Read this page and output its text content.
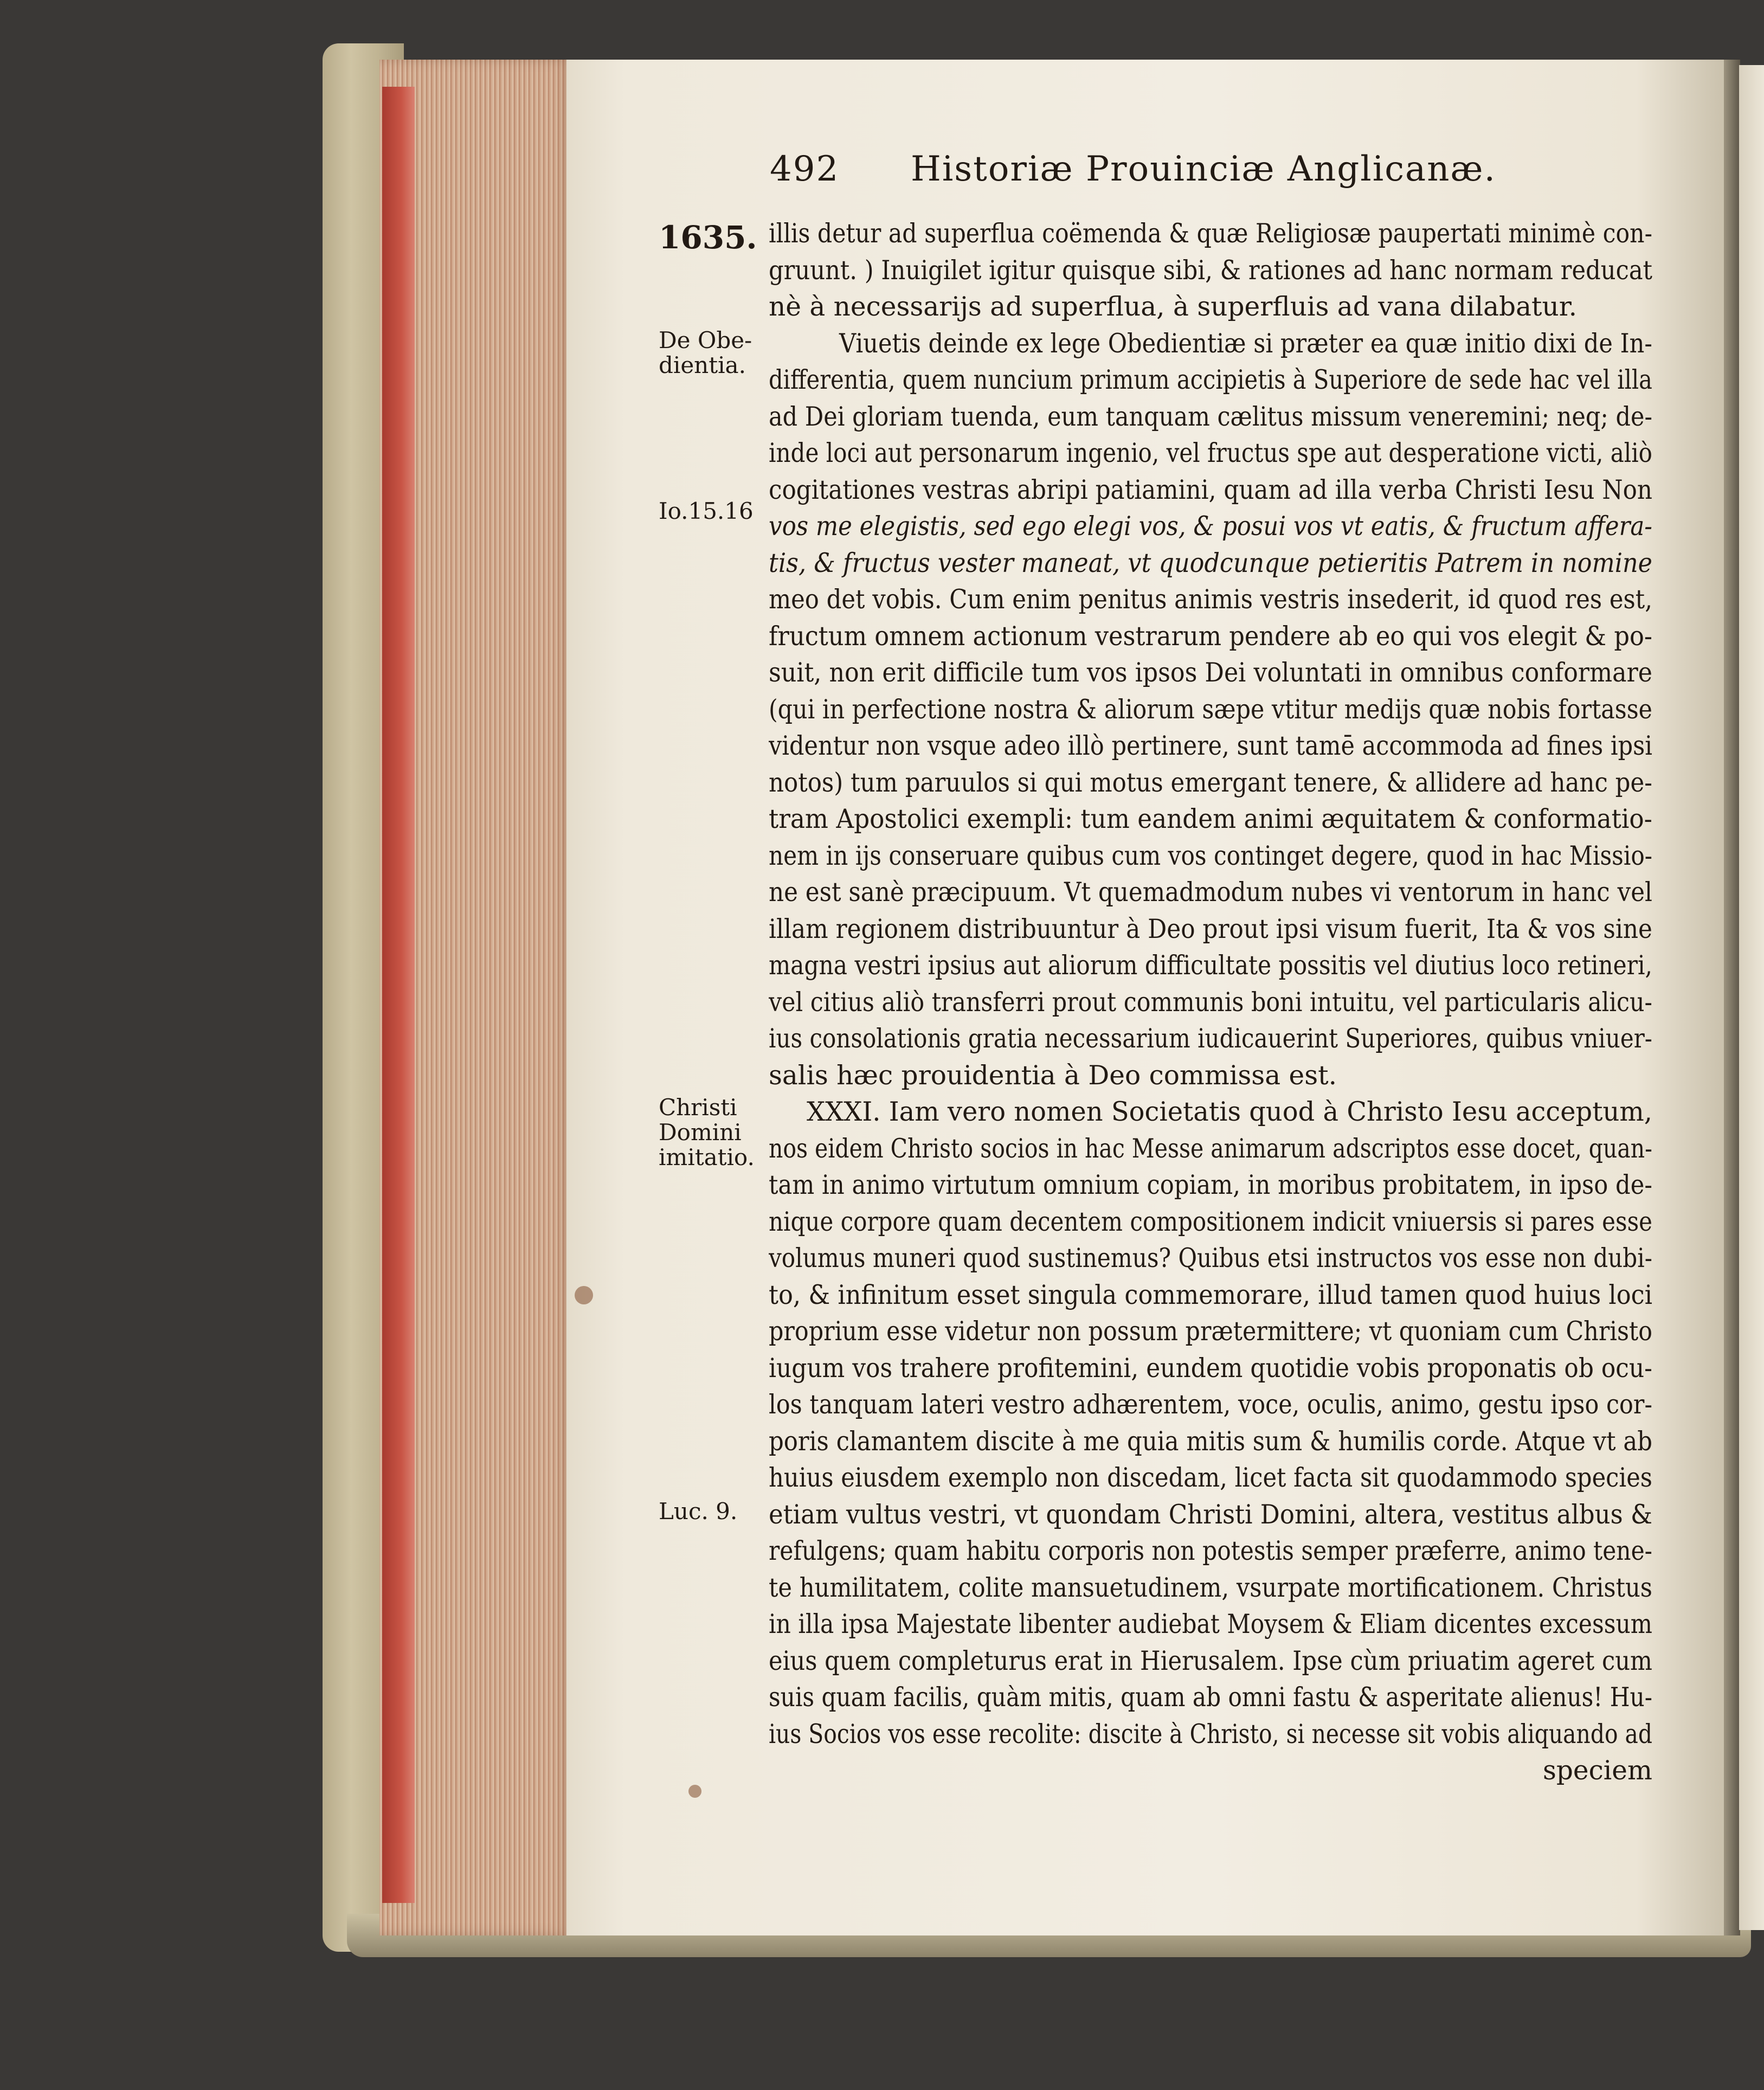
492 Historiæ Prouinciæ Anglicanæ.
1635.
De Obe-
dientia.
Io.15.16
Christi
Domini
imitatio.
Luc. 9.
illis detur ad superflua coëmenda & quæ Religiosæ paupertati minimè con-
gruunt. ) Inuigilet igitur quisque sibi, & rationes ad hanc normam reducat
nè à necessarijs ad superflua, à superfluis ad vana dilabatur.
Viuetis deinde ex lege Obedientiæ si præter ea quæ initio dixi de In-
differentia, quem nuncium primum accipietis à Superiore de sede hac vel illa
ad Dei gloriam tuenda, eum tanquam cælitus missum veneremini; neq; de-
inde loci aut personarum ingenio, vel fructus spe aut desperatione victi, aliò
cogitationes vestras abripi patiamini, quam ad illa verba Christi Iesu Non
vos me elegistis, sed ego elegi vos, & posui vos vt eatis, & fructum afferа-
tis, & fructus vester maneat, vt quodcunque petieritis Patrem in nomine
meo det vobis. Cum enim penitus animis vestris insederit, id quod res est,
fructum omnem actionum vestrarum pendere ab eo qui vos elegit & po-
suit, non erit difficile tum vos ipsos Dei voluntati in omnibus conformare
(qui in perfectione nostra & aliorum sæpe vtitur medijs quæ nobis fortasse
videntur non vsque adeo illò pertinere, sunt tamē accommoda ad fines ipsi
notos) tum paruulos si qui motus emergant tenere, & allidere ad hanc pe-
tram Apostolici exempli: tum eandem animi æquitatem & conformatio-
nem in ijs conseruare quibus cum vos continget degere, quod in hac Missio-
ne est sanè præcipuum. Vt quemadmodum nubes vi ventorum in hanc vel
illam regionem distribuuntur à Deo prout ipsi visum fuerit, Ita & vos sine
magna vestri ipsius aut aliorum difficultate possitis vel diutius loco retineri,
vel citius aliò transferri prout communis boni intuitu, vel particularis alicu-
ius consolationis gratia necessarium iudicauerint Superiores, quibus vniuer-
salis hæc prouidentia à Deo commissa est.
XXXI. Iam vero nomen Societatis quod à Christo Iesu acceptum,
nos eidem Christo socios in hac Messe animarum adscriptos esse docet, quan-
tam in animo virtutum omnium copiam, in moribus probitatem, in ipso de-
nique corpore quam decentem compositionem indicit vniuersis si pares esse
volumus muneri quod sustinemus? Quibus etsi instructos vos esse non dubi-
to, & infinitum esset singula commemorare, illud tamen quod huius loci
proprium esse videtur non possum prætermittere; vt quoniam cum Christo
iugum vos trahere profitemini, eundem quotidie vobis proponatis ob ocu-
los tanquam lateri vestro adhærentem, voce, oculis, animo, gestu ipso cor-
poris clamantem discite à me quia mitis sum & humilis corde. Atque vt ab
huius eiusdem exemplo non discedam, licet facta sit quodammodo species
etiam vultus vestri, vt quondam Christi Domini, altera, vestitus albus &
refulgens; quam habitu corporis non potestis semper præferre, animo tene-
te humilitatem, colite mansuetudinem, vsurpate mortificationem. Christus
in illa ipsa Majestate libenter audiebat Moysem & Eliam dicentes excessum
eius quem completurus erat in Hierusalem. Ipse cùm priuatim ageret cum
suis quam facilis, quàm mitis, quam ab omni fastu & asperitate alienus! Hu-
ius Socios vos esse recolite: discite à Christo, si necesse sit vobis aliquando ad
speciem
